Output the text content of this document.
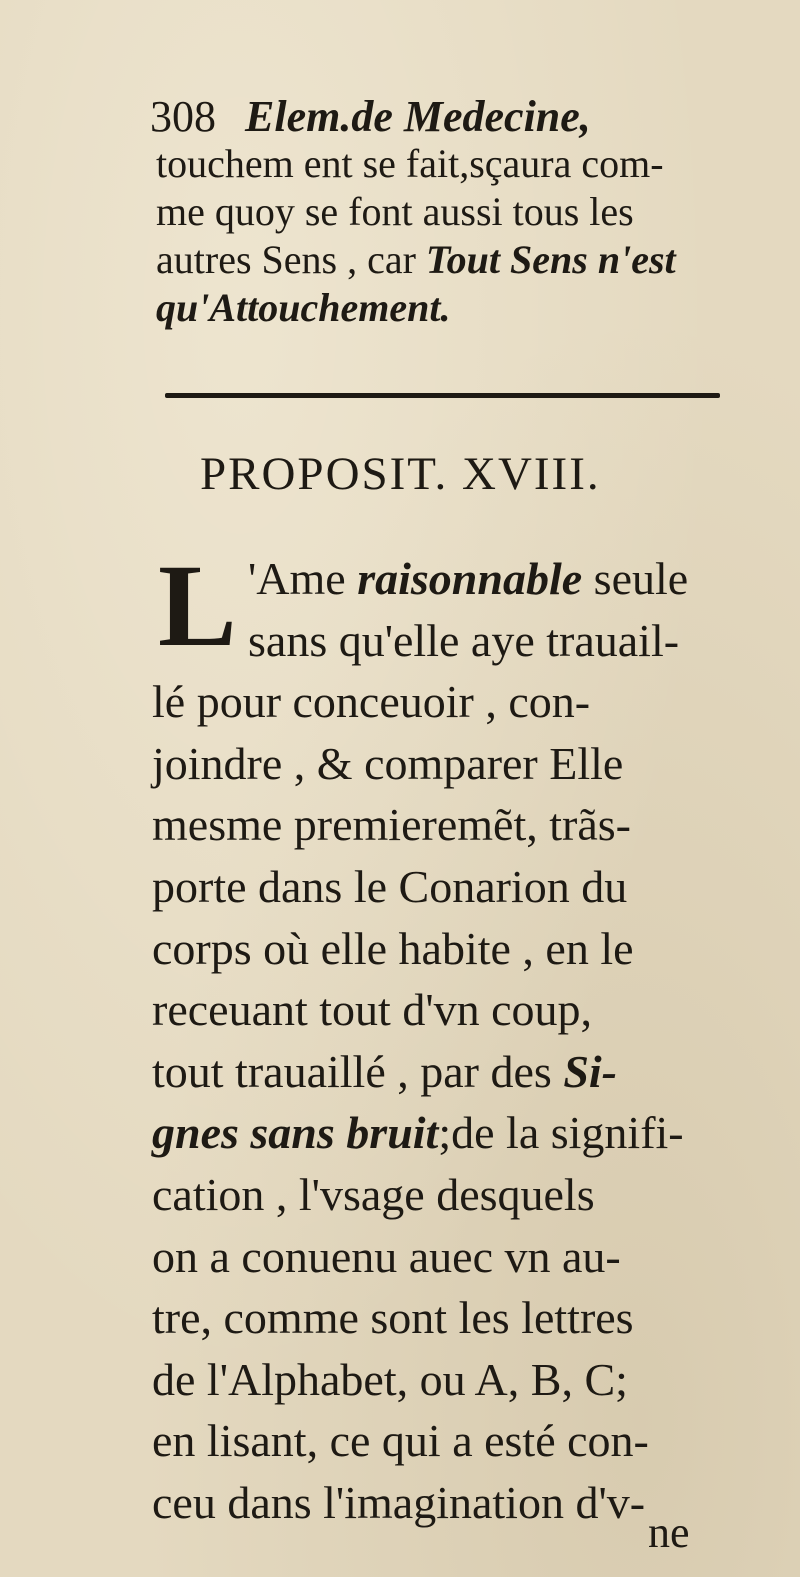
308 Elem.de Medecine,
touchem ent se fait,sçaura com-
me quoy se font aussi tous les
autres Sens , car Tout Sens n'est
qu'Attouchement.
PROPOSIT. XVIII.
L 'Ame raisonnable seule
sans qu'elle aye trauail-
lé pour conceuoir , con-
joindre , & comparer Elle
mesme premieremẽt, trãs-
porte dans le Conarion du
corps où elle habite , en le
receuant tout d'vn coup,
tout trauaillé , par des Si-
gnes sans bruit;de la signifi-
cation , l'vsage desquels
on a conuenu auec vn au-
tre, comme sont les lettres
de l'Alphabet, ou A, B, C;
en lisant, ce qui a esté con-
ceu dans l'imagination d'v-
ne
